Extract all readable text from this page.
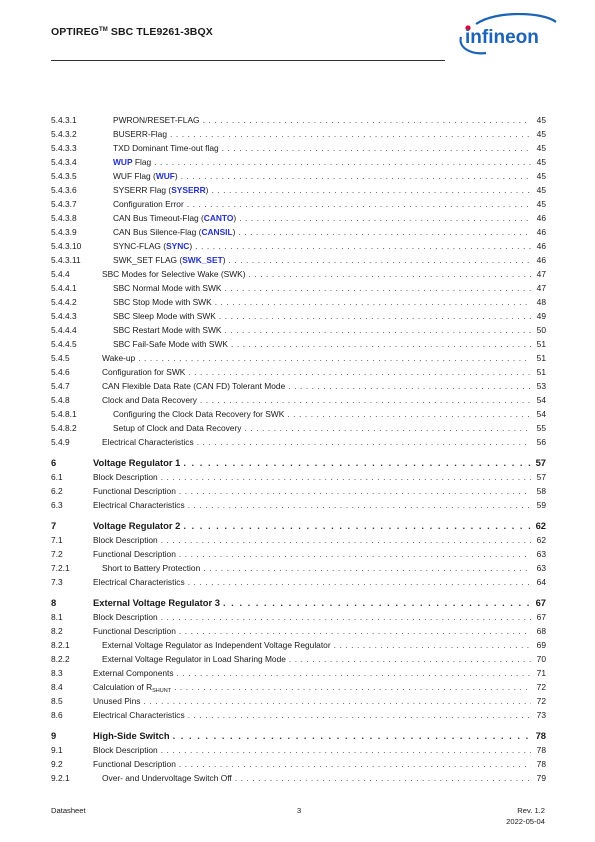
OPTIREG™ SBC TLE9261-3BQX	infineon
5.4.3.1	PWRON/RESET-FLAG . . .	45
5.4.3.2	BUSERR-Flag . . .	45
5.4.3.3	TXD Dominant Time-out flag . . .	45
5.4.3.4	WUP Flag . . .	45
5.4.3.5	WUF Flag (WUF) . . .	45
5.4.3.6	SYSERR Flag (SYSERR) . . .	45
5.4.3.7	Configuration Error . . .	45
5.4.3.8	CAN Bus Timeout-Flag (CANTO) . . .	46
5.4.3.9	CAN Bus Silence-Flag (CANSIL) . . .	46
5.4.3.10	SYNC-FLAG (SYNC) . . .	46
5.4.3.11	SWK_SET FLAG (SWK_SET) . . .	46
5.4.4	SBC Modes for Selective Wake (SWK) . . .	47
5.4.4.1	SBC Normal Mode with SWK . . .	47
5.4.4.2	SBC Stop Mode with SWK . . .	48
5.4.4.3	SBC Sleep Mode with SWK . . .	49
5.4.4.4	SBC Restart Mode with SWK . . .	50
5.4.4.5	SBC Fail-Safe Mode with SWK . . .	51
5.4.5	Wake-up . . .	51
5.4.6	Configuration for SWK . . .	51
5.4.7	CAN Flexible Data Rate (CAN FD) Tolerant Mode . . .	53
5.4.8	Clock and Data Recovery . . .	54
5.4.8.1	Configuring the Clock Data Recovery for SWK . . .	54
5.4.8.2	Setup of Clock and Data Recovery . . .	55
5.4.9	Electrical Characteristics . . .	56
6	Voltage Regulator 1 . . .	57
6.1	Block Description . . .	57
6.2	Functional Description . . .	58
6.3	Electrical Characteristics . . .	59
7	Voltage Regulator 2 . . .	62
7.1	Block Description . . .	62
7.2	Functional Description . . .	63
7.2.1	Short to Battery Protection . . .	63
7.3	Electrical Characteristics . . .	64
8	External Voltage Regulator 3 . . .	67
8.1	Block Description . . .	67
8.2	Functional Description . . .	68
8.2.1	External Voltage Regulator as Independent Voltage Regulator . . .	69
8.2.2	External Voltage Regulator in Load Sharing Mode . . .	70
8.3	External Components . . .	71
8.4	Calculation of $R_{SHUNT}$ . . .	72
8.5	Unused Pins . . .	72
8.6	Electrical Characteristics . . .	73
9	High-Side Switch . . .	78
9.1	Block Description . . .	78
9.2	Functional Description . . .	78
9.2.1	Over- and Undervoltage Switch Off . . .	79
Datasheet	3	Rev. 1.2
2022-05-04
